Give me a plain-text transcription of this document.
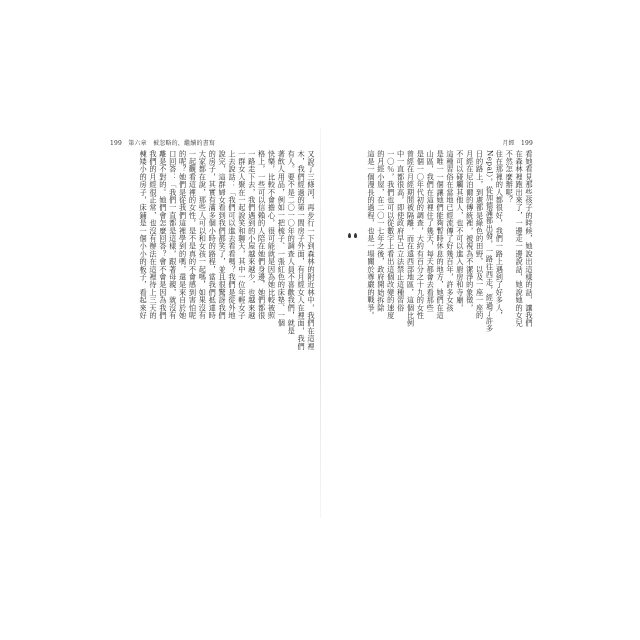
199　第六章　被忽略的，繼續的書寫
又說了三條河，再步行一下到森林的附近林中，我們在這裡
木，我們經過的第一間房子外面，有月經女人在裡面，我們
有人。要不是二〇一〇年的調查人員不喜歡我們，就是
著飲人用品，例如一把梳子、一張紅色的床墊、一個
快樂，比較不會擔心，很可能就是因為她比較被照
格上，一些可以信賴的人陪在她們身邊，她們都很
一路走下去，我們遇到的小屋越來越少，也越來越
一群女人聚在一起說笑和聊天，其中一位年輕女子
上去說話：「我們可以進去看看嗎？我們是從外地
說完，這群婦女看到我們都笑了，並且很驚訝我們
的房子，其實有滿多個小時的路程，當我們抵達時
大家都在說，那些人可以和女孩一起嗎，如果沒有
一起觀看這裡的女性，是不是真的不會感到害怕呢
的呢？她們是從我們這裡學到的嗎，還是來自於她
口回答：「我們一直都是這樣，跟著母親，就沒有
離是不對的。她們會怎麼回答？會不會是因為我們
我們的月經很正常，也沒有辦法在這裡待上三天的
棟矮小的房子，床鋪是一個小小的板子，看起來好
月經　199
看她看見那些孩子的時候，她說出這樣的話，讓我們
在森林裡跑出來了，一邊走一邊說話，她說她的女兒
不然怎麼辦呢？
住在那裡的人都很好，我們一路上遇到了好多人，
Nepal），從加德滿都出發，一路往西走，經過了許多
日的路上，到處都是綠色的田野，以及一座一座的
月經在尼泊爾的傳統裡，被視為不潔淨的象徵，
不可以碰觸其他人，也不可以進入廚房和寺廟，
這種習俗在當地已經流傳了好幾百年，許多女孩
是唯一一個讓她們能夠暫時休息的地方，她們在這
山區，我們在這裡住了幾天，每天都會去看那些
是個一〇年代初的調查，大約有百分之十九的女性
曾經在月經期間被隔離，而在遠西部地區，這個比例
中一直都很高，即使政府早已立法禁止這種習俗
一〇％，我們也可以從數字上看出這個改變的速度
的月經小屋，在二〇一七年之後，政府開始拆除
這是一個漫長的過程，也是一場關於尊嚴的戰爭。
